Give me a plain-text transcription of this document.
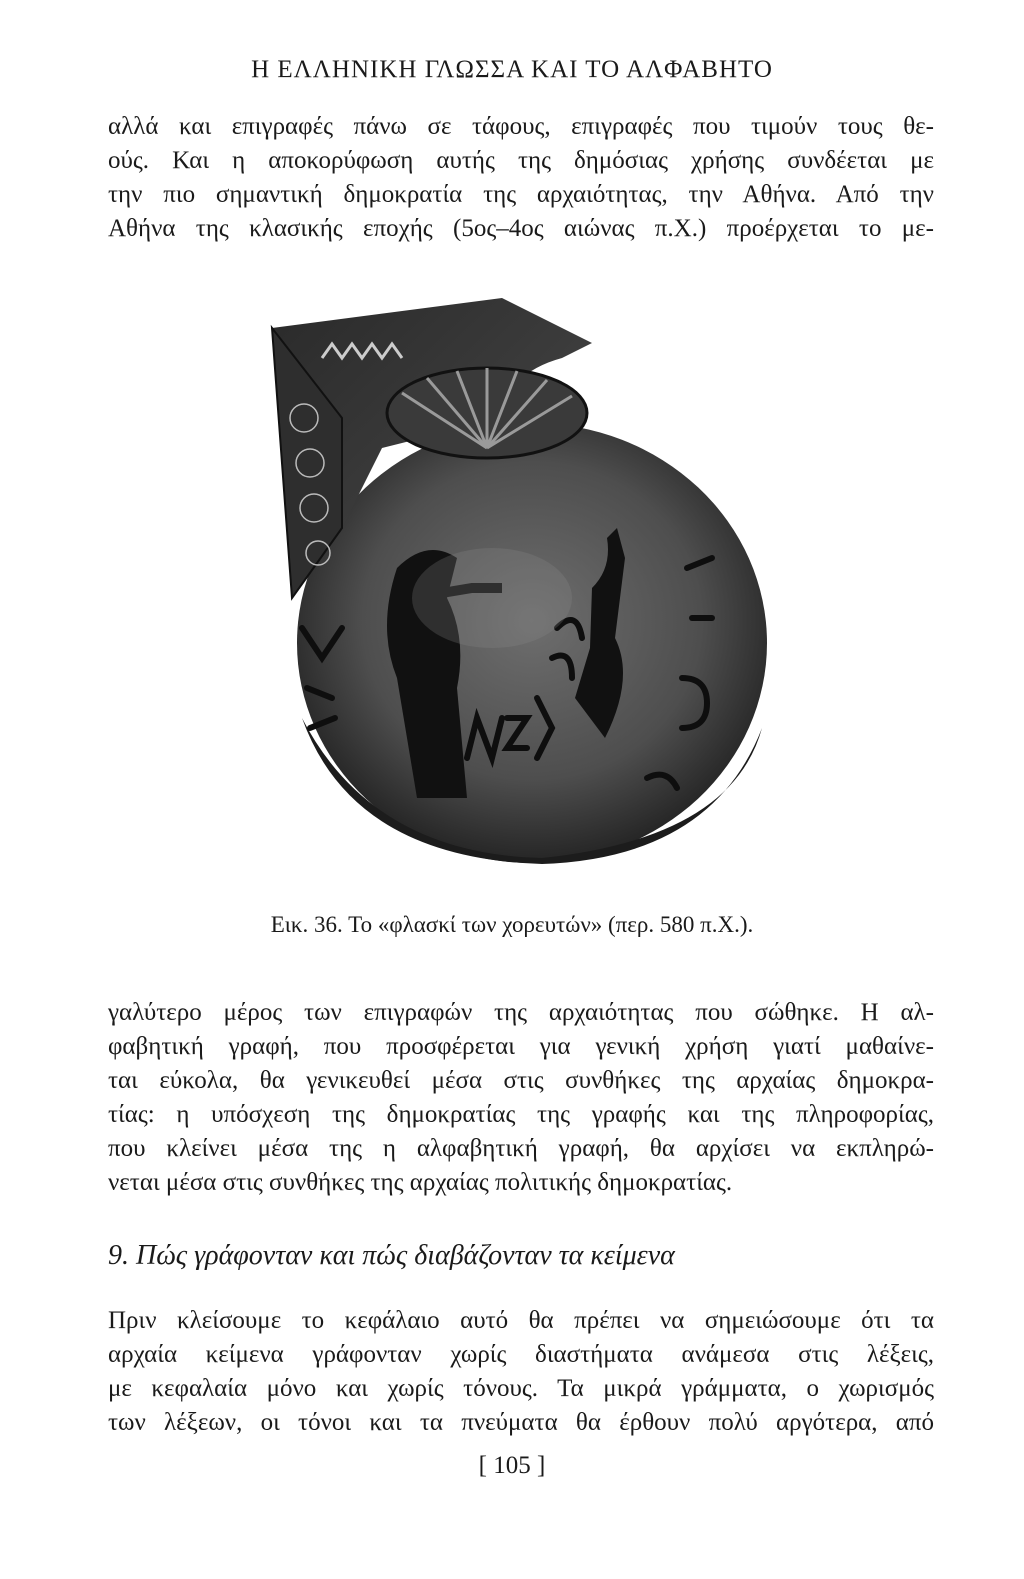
Η ΕΛΛΗΝΙΚΗ ΓΛΩΣΣΑ ΚΑΙ ΤΟ ΑΛΦΑΒΗΤΟ

αλλά και επιγραφές πάνω σε τάφους, επιγραφές που τιμούν τους θε-
ούς. Και η αποκορύφωση αυτής της δημόσιας χρήσης συνδέεται με
την πιο σημαντική δημοκρατία της αρχαιότητας, την Αθήνα. Από την
Αθήνα της κλασικής εποχής (5ος–4ος αιώνας π.Χ.) προέρχεται το με-

Εικ. 36. Το «φλασκί των χορευτών» (περ. 580 π.Χ.).

γαλύτερο μέρος των επιγραφών της αρχαιότητας που σώθηκε. Η αλ-
φαβητική γραφή, που προσφέρεται για γενική χρήση γιατί μαθαίνε-
ται εύκολα, θα γενικευθεί μέσα στις συνθήκες της αρχαίας δημοκρα-
τίας: η υπόσχεση της δημοκρατίας της γραφής και της πληροφορίας,
που κλείνει μέσα της η αλφαβητική γραφή, θα αρχίσει να εκπληρώ-
νεται μέσα στις συνθήκες της αρχαίας πολιτικής δημοκρατίας.

9. Πώς γράφονταν και πώς διαβάζονταν τα κείμενα

Πριν κλείσουμε το κεφάλαιο αυτό θα πρέπει να σημειώσουμε ότι τα
αρχαία κείμενα γράφονταν χωρίς διαστήματα ανάμεσα στις λέξεις,
με κεφαλαία μόνο και χωρίς τόνους. Τα μικρά γράμματα, ο χωρισμός
των λέξεων, οι τόνοι και τα πνεύματα θα έρθουν πολύ αργότερα, από

[ 105 ]
